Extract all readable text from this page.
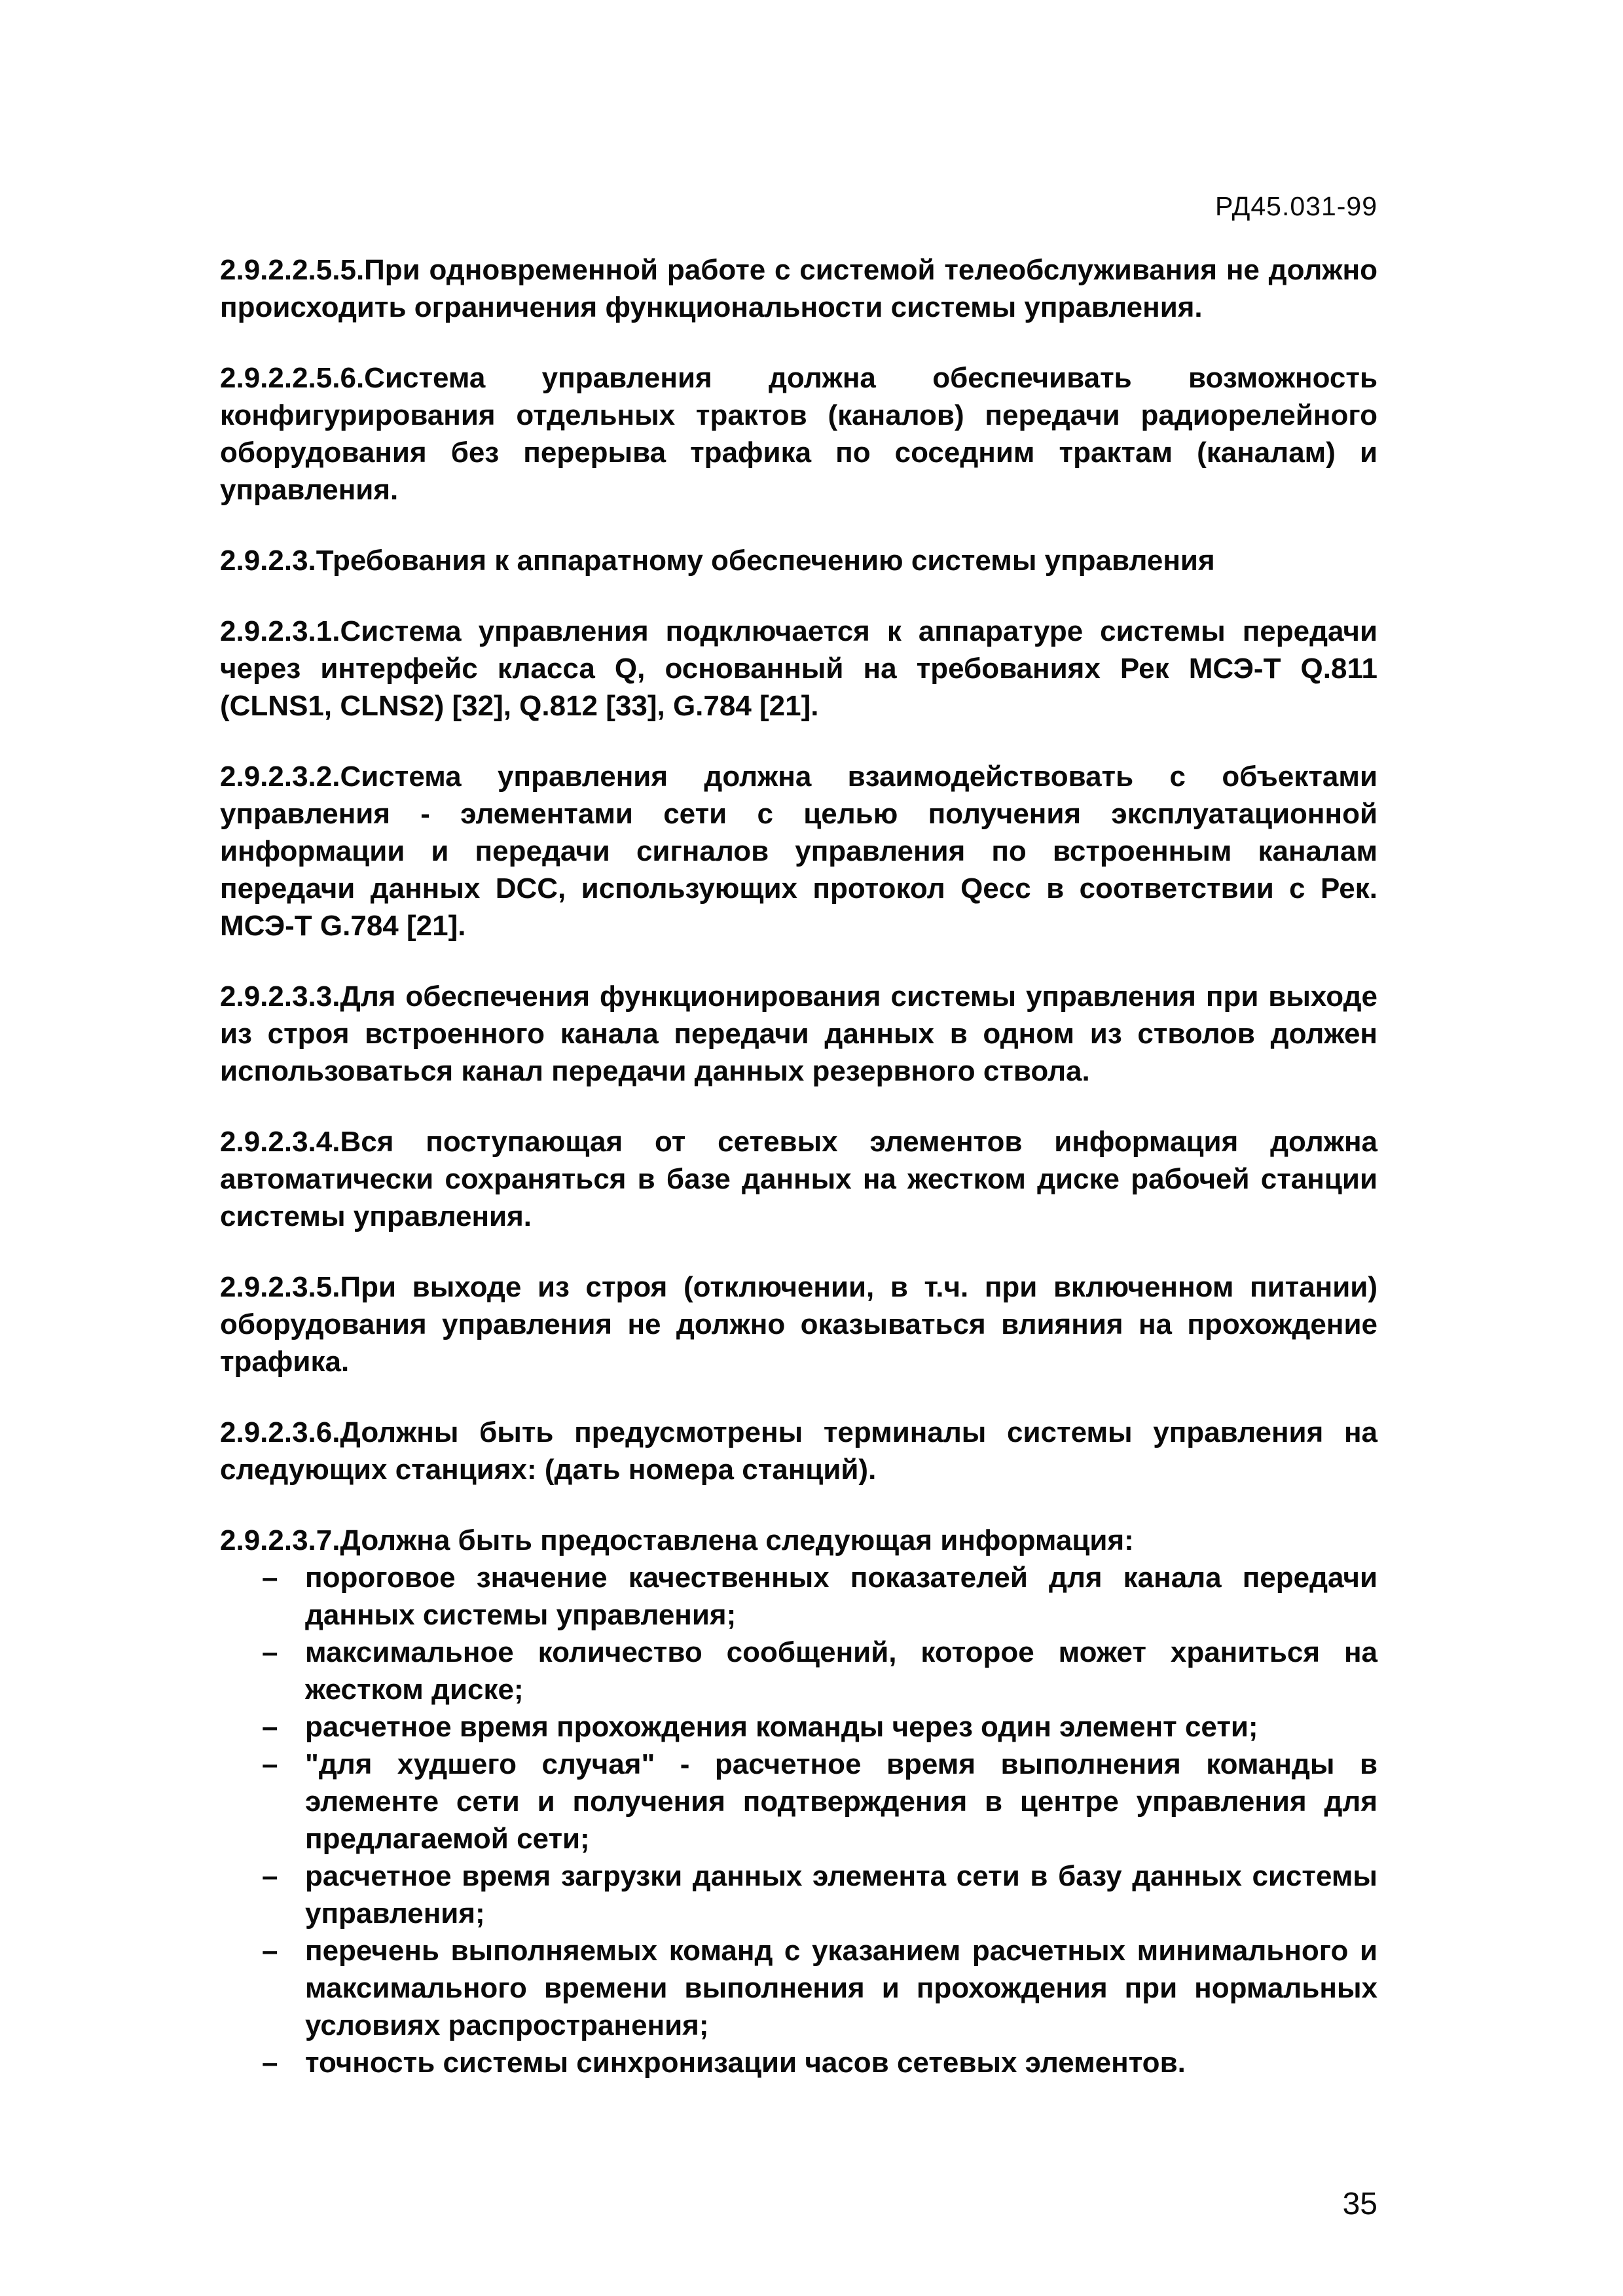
РД45.031-99

2.9.2.2.5.5.При одновременной работе с системой телеобслуживания не должно происходить ограничения функциональности системы управления.

2.9.2.2.5.6.Система управления должна обеспечивать возможность конфигурирования отдельных трактов (каналов) передачи радиорелейного оборудования без перерыва трафика по соседним трактам (каналам) и управления.

2.9.2.3.Требования к аппаратному обеспечению системы управления

2.9.2.3.1.Система управления подключается к аппаратуре системы передачи через интерфейс класса Q, основанный на требованиях Рек МСЭ-Т Q.811 (CLNS1, CLNS2) [32], Q.812 [33], G.784 [21].

2.9.2.3.2.Система управления должна взаимодействовать с объектами управления - элементами сети с целью получения эксплуатационной информации и передачи сигналов управления по встроенным каналам передачи данных DCC, использующих протокол Qecc в соответствии с Рек. МСЭ-Т G.784 [21].

2.9.2.3.3.Для обеспечения функционирования системы управления при выходе из строя встроенного канала передачи данных в одном из стволов должен использоваться канал передачи данных резервного ствола.

2.9.2.3.4.Вся поступающая от сетевых элементов информация должна автоматически сохраняться в базе данных на жестком диске рабочей станции системы управления.

2.9.2.3.5.При выходе из строя (отключении, в т.ч. при включенном питании) оборудования управления не должно оказываться влияния на прохождение трафика.

2.9.2.3.6.Должны быть предусмотрены терминалы системы управления на следующих станциях: (дать номера станций).

2.9.2.3.7.Должна быть предоставлена следующая информация:

– пороговое значение качественных показателей для канала передачи данных системы управления;
– максимальное количество сообщений, которое может храниться на жестком диске;
– расчетное время прохождения команды через один элемент сети;
– "для худшего случая" - расчетное время выполнения команды в элементе сети и получения подтверждения в центре управления для предлагаемой сети;
– расчетное время загрузки данных элемента сети в базу данных системы управления;
– перечень выполняемых команд с указанием расчетных минимального и максимального времени выполнения и прохождения при нормальных условиях распространения;
– точность системы синхронизации часов сетевых элементов.
35
